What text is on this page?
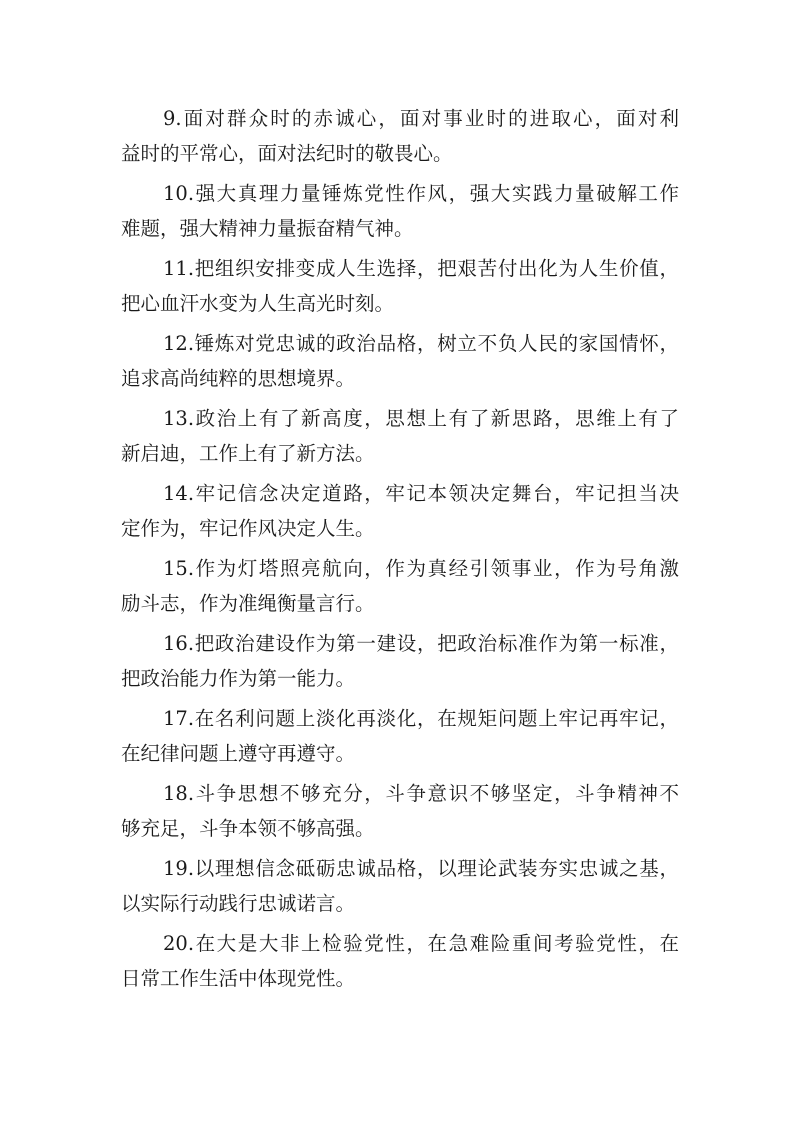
9.面对群众时的赤诚心，面对事业时的进取心，面对利
益时的平常心，面对法纪时的敬畏心。
10.强大真理力量锤炼党性作风，强大实践力量破解工作
难题，强大精神力量振奋精气神。
11.把组织安排变成人生选择，把艰苦付出化为人生价值，
把心血汗水变为人生高光时刻。
12.锤炼对党忠诚的政治品格，树立不负人民的家国情怀，
追求高尚纯粹的思想境界。
13.政治上有了新高度，思想上有了新思路，思维上有了
新启迪，工作上有了新方法。
14.牢记信念决定道路，牢记本领决定舞台，牢记担当决
定作为，牢记作风决定人生。
15.作为灯塔照亮航向，作为真经引领事业，作为号角激
励斗志，作为准绳衡量言行。
16.把政治建设作为第一建设，把政治标准作为第一标准，
把政治能力作为第一能力。
17.在名利问题上淡化再淡化，在规矩问题上牢记再牢记，
在纪律问题上遵守再遵守。
18.斗争思想不够充分，斗争意识不够坚定，斗争精神不
够充足，斗争本领不够高强。
19.以理想信念砥砺忠诚品格，以理论武装夯实忠诚之基，
以实际行动践行忠诚诺言。
20.在大是大非上检验党性，在急难险重间考验党性，在
日常工作生活中体现党性。
